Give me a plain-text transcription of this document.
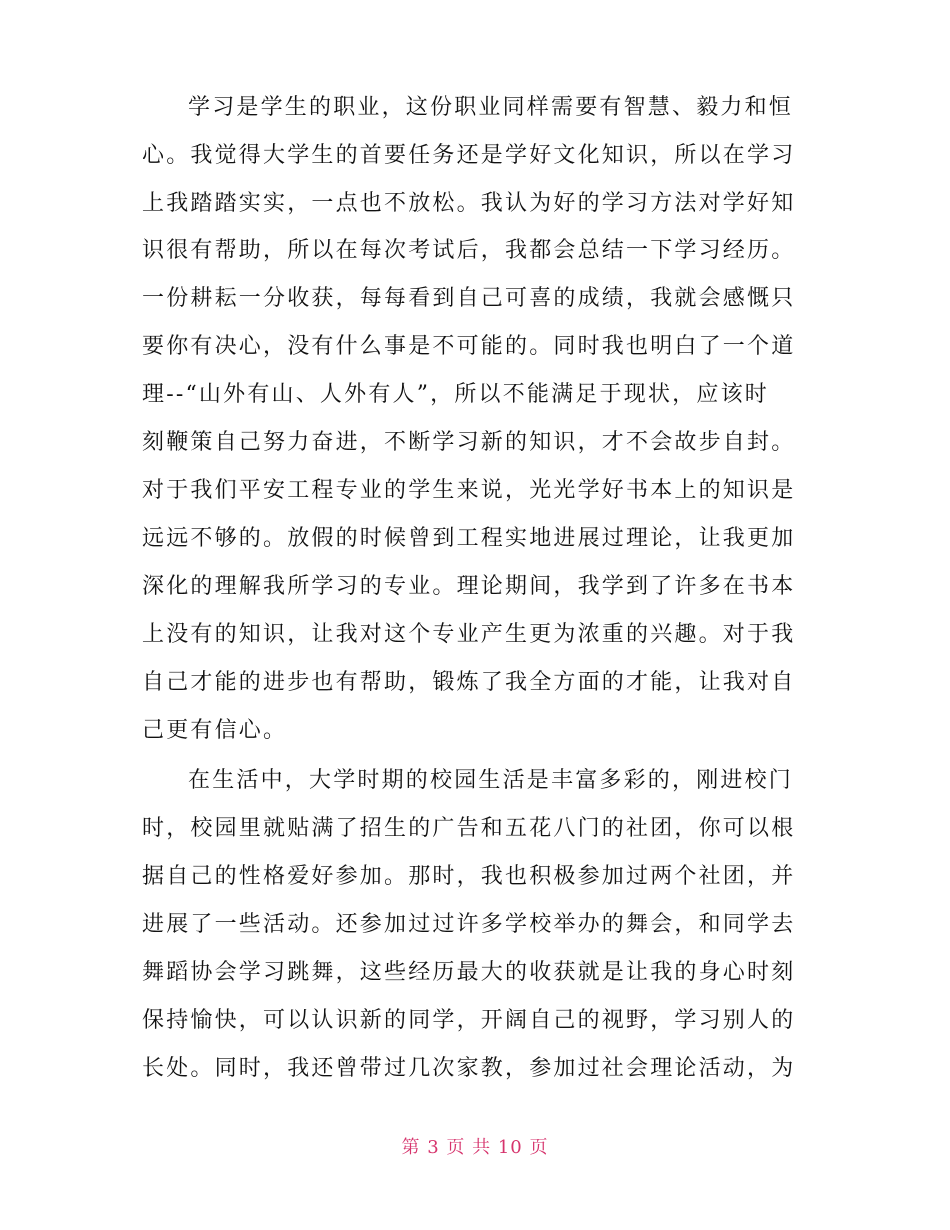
学习是学生的职业，这份职业同样需要有智慧、毅力和恒
心。我觉得大学生的首要任务还是学好文化知识，所以在学习
上我踏踏实实，一点也不放松。我认为好的学习方法对学好知
识很有帮助，所以在每次考试后，我都会总结一下学习经历。
一份耕耘一分收获，每每看到自己可喜的成绩，我就会感慨只
要你有决心，没有什么事是不可能的。同时我也明白了一个道
理--“山外有山、人外有人”，所以不能满足于现状，应该时
刻鞭策自己努力奋进，不断学习新的知识，才不会故步自封。
对于我们平安工程专业的学生来说，光光学好书本上的知识是
远远不够的。放假的时候曾到工程实地进展过理论，让我更加
深化的理解我所学习的专业。理论期间，我学到了许多在书本
上没有的知识，让我对这个专业产生更为浓重的兴趣。对于我
自己才能的进步也有帮助，锻炼了我全方面的才能，让我对自
己更有信心。
在生活中，大学时期的校园生活是丰富多彩的，刚进校门
时，校园里就贴满了招生的广告和五花八门的社团，你可以根
据自己的性格爱好参加。那时，我也积极参加过两个社团，并
进展了一些活动。还参加过过许多学校举办的舞会，和同学去
舞蹈协会学习跳舞，这些经历最大的收获就是让我的身心时刻
保持愉快，可以认识新的同学，开阔自己的视野，学习别人的
长处。同时，我还曾带过几次家教，参加过社会理论活动，为
第 3 页 共 10 页
